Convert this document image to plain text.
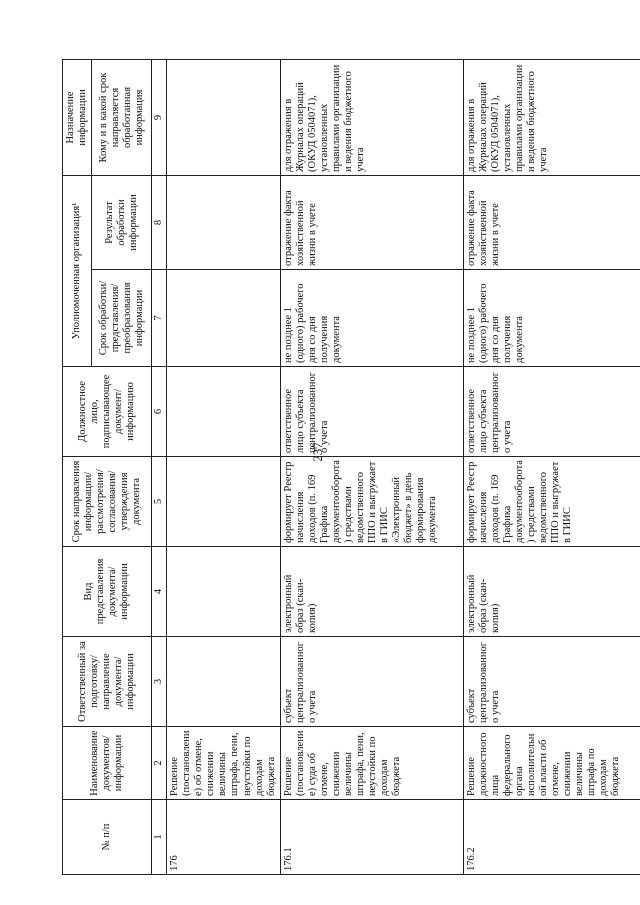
237
№ п/п	Наименование документов/ информации	Ответственный за подготовку/ направление документа/ информации	Вид представления документа/ информации	Срок направления информации/ рассмотрения/ согласования/ утверждения документа	Должностное лицо, подписывающее документ/ информацию	Уполномоченная организация¹		Назначение информации
						Срок обработки/ представления/ преобразования информации	Результат обработки информации	Кому и в какой срок направляется обработанная информация
1	2	3	4	5	6	7	8	9
176	Решение (постановление) об отмене, снижении величины штрафа, пени, неустойки по доходам бюджета							
176.1	Решение (постановление) суда об отмене, снижении величины штрафа, пени, неустойки по доходам бюджета	субъект централизованного учета	электронный образ (скан-копия)	формирует Реестр начисления доходов (п. 169 Графика документооборота) средствами ведомственного ППО и выгружает в ГИИС «Электронный бюджет» в день формирования документа	ответственное лицо субъекта централизованного учета	не позднее 1 (одного) рабочего дня со дня получения документа	отражение факта хозяйственной жизни в учете	для отражения в Журналах операций (ОКУД 0504071), установленных правилами организации и ведения бюджетного учета
176.2	Решение должностного лица федерального органа исполнительной власти об отмене, снижении величины штрафа по доходам бюджета	субъект централизованного учета	электронный образ (скан-копия)	формирует Реестр начисления доходов (п. 169 Графика документооборота) средствами ведомственного ППО и выгружает в ГИИС	ответственное лицо субъекта централизованного учета	не позднее 1 (одного) рабочего дня со дня получения документа	отражение факта хозяйственной жизни в учете	для отражения в Журналах операций (ОКУД 0504071), установленных правилами организации и ведения бюджетного учета
